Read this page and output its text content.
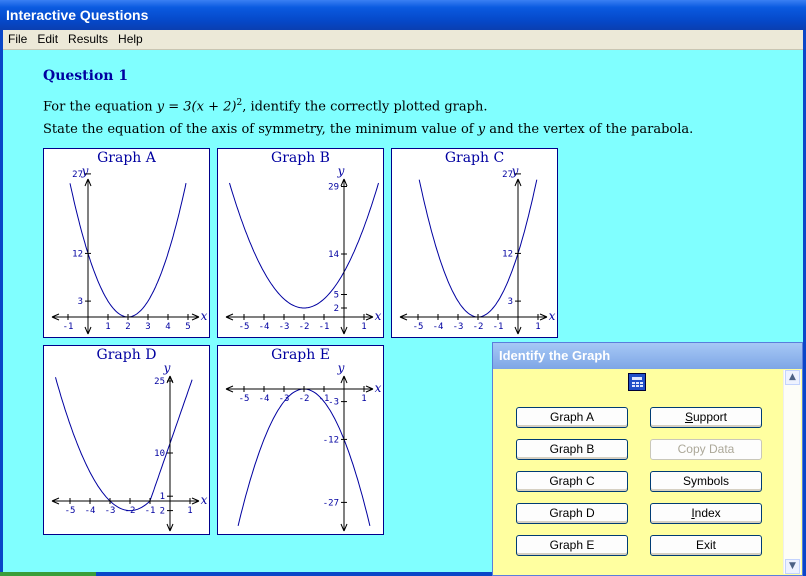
Interactive Questions
File Edit Results Help
Question 1
For the equation $y = 3(x + 2)^2$, identify the correctly plotted graph.
State the equation of the axis of symmetry, the minimum value of y and the vertex of the parabola.
Graph A
y
x
-1	1 2 3 4 5
27
12
3
Graph B
y
x
-5 -4 -3 -2 -1	1
29
14
5
2
Graph C
y
x
-5 -4 -3 -2 -1	1
27
12
3
Graph D
y
x
-5 -4 -3 -2 -1	1
25
10
1
2
Graph E
y
x
-5 -4 -3 -2 -1	1
-3
-12
-27
Identify the Graph
Graph A
Graph B
Graph C
Graph D
Graph E
Support
Copy Data
Symbols
Index
Exit
▲
▼
